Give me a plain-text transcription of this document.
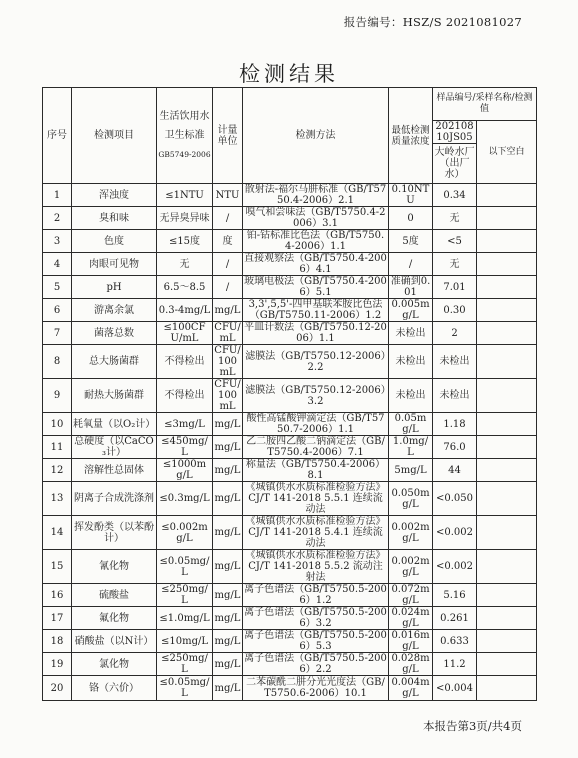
报告编号：HSZ/S 2021081027
检测结果
序号	检测项目	生活饮用水
卫生标准
GB5749-2006	计量单位	检测方法	最低检测质量浓度	样品编号/采样名称/检测值	
						20210810JS05	以下空白
						大岭水厂（出厂水）	
1	浑浊度	≤1NTU	NTU	散射法-福尔马肼标准（GB/T5750.4-2006）2.1	0.10NTU	0.34	
2	臭和味	无异臭异味	/	嗅气和尝味法（GB/T5750.4-2006）3.1	0	无	
3	色度	≤15度	度	铂-钴标准比色法（GB/T5750.4-2006）1.1	5度	<5	
4	肉眼可见物	无	/	直接观察法（GB/T5750.4-2006）4.1	/	无	
5	pH	6.5～8.5	/	玻璃电极法（GB/T5750.4-2006）5.1	准确到0.01	7.01	
6	游离余氯	0.3-4mg/L	mg/L	3,3',5,5'-四甲基联苯胺比色法（GB/T5750.11-2006）1.2	0.005mg/L	0.30	
7	菌落总数	≤100CFU/mL	CFU/mL	平皿计数法（GB/T5750.12-2006）1.1	未检出	2	
8	总大肠菌群	不得检出	CFU/100mL	滤膜法（GB/T5750.12-2006）2.2	未检出	未检出	
9	耐热大肠菌群	不得检出	CFU/100mL	滤膜法（GB/T5750.12-2006）3.2	未检出	未检出	
10	耗氧量（以O₂计）	≤3mg/L	mg/L	酸性高锰酸钾滴定法（GB/T5750.7-2006）1.1	0.05mg/L	1.18	
11	总硬度（以CaCO₃计）	≤450mg/L	mg/L	乙二胺四乙酸二钠滴定法（GB/T5750.4-2006）7.1	1.0mg/L	76.0	
12	溶解性总固体	≤1000mg/L	mg/L	称量法（GB/T5750.4-2006）8.1	5mg/L	44	
13	阴离子合成洗涤剂	≤0.3mg/L	mg/L	《城镇供水水质标准检验方法》CJ/T 141-2018 5.5.1 连续流动法	0.050mg/L	<0.050	
14	挥发酚类（以苯酚计）	≤0.002mg/L	mg/L	《城镇供水水质标准检验方法》CJ/T 141-2018 5.4.1 连续流动法	0.002mg/L	<0.002	
15	氰化物	≤0.05mg/L	mg/L	《城镇供水水质标准检验方法》CJ/T 141-2018 5.5.2 流动注射法	0.002mg/L	<0.002	
16	硫酸盐	≤250mg/L	mg/L	离子色谱法（GB/T5750.5-2006）1.2	0.072mg/L	5.16	
17	氟化物	≤1.0mg/L	mg/L	离子色谱法（GB/T5750.5-2006）3.2	0.024mg/L	0.261	
18	硝酸盐（以N计）	≤10mg/L	mg/L	离子色谱法（GB/T5750.5-2006）5.3	0.016mg/L	0.633	
19	氯化物	≤250mg/L	mg/L	离子色谱法（GB/T5750.5-2006）2.2	0.028mg/L	11.2	
20	铬（六价）	≤0.05mg/L	mg/L	二苯碳酰二肼分光光度法（GB/T5750.6-2006）10.1	0.004mg/L	<0.004	
本报告第3页/共4页
